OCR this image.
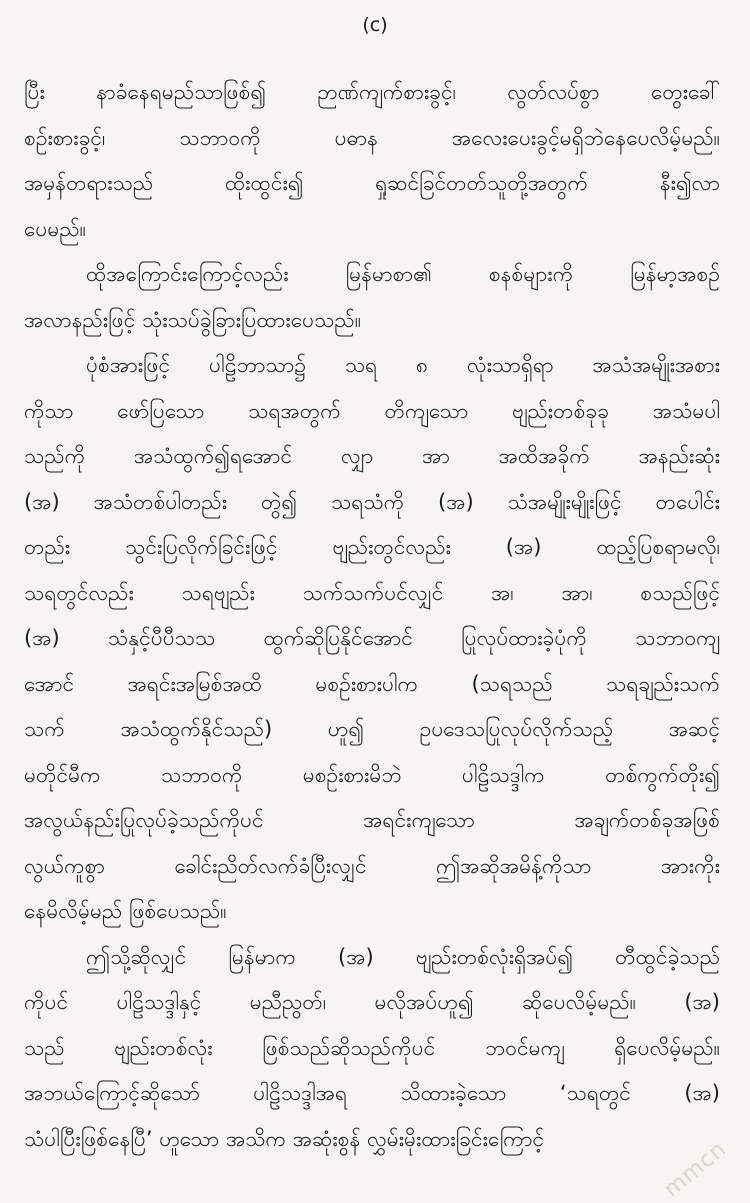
(c)
ပြီး နာခံနေရမည်သာဖြစ်၍ ဉာဏ်ကျက်စားခွင့်၊ လွတ်လပ်စွာ တွေးခေါ်
စဉ်းစားခွင့်၊ သဘာဝကို ပဓာန အလေးပေးခွင့်မရှိဘဲနေပေလိမ့်မည်။
အမှန်တရားသည် ထိုးထွင်း၍ ရှုဆင်ခြင်တတ်သူတို့အတွက် နီး၍လာ
ပေမည်။
ထိုအကြောင်းကြောင့်လည်း မြန်မာစာ၏ စနစ်များကို မြန်မာ့အစဉ်
အလာနည်းဖြင့် သုံးသပ်ခွဲခြားပြထားပေသည်။
ပုံစံအားဖြင့် ပါဠိဘာသာ၌ သရ ၈ လုံးသာရှိရာ အသံအမျိုးအစား
ကိုသာ ဖော်ပြသော သရအတွက် တိကျသော ဗျည်းတစ်ခုခု အသံမပါ
သည်ကို အသံထွက်၍ရအောင် လျှာ အာ အထိအခိုက် အနည်းဆုံး
(အ) အသံတစ်ပါတည်း တွဲ၍ သရသံကို (အ) သံအမျိုးမျိုးဖြင့် တပေါင်း
တည်း သွင်းပြလိုက်ခြင်းဖြင့် ဗျည်းတွင်လည်း (အ) ထည့်ပြစရာမလို၊
သရတွင်လည်း သရဗျည်း သက်သက်ပင်လျှင် အ၊ အာ၊ စသည်ဖြင့်
(အ) သံနှင့်ပီပီသသ ထွက်ဆိုပြနိုင်အောင် ပြုလုပ်ထားခဲ့ပုံကို သဘာဝကျ
အောင် အရင်းအမြစ်အထိ မစဉ်းစားပါက (သရသည် သရချည်းသက်
သက် အသံထွက်နိုင်သည်) ဟူ၍ ဥပဒေသပြုလုပ်လိုက်သည့် အဆင့်
မတိုင်မီက သဘာဝကို မစဉ်းစားမိဘဲ ပါဠိသဒ္ဒါက တစ်ကွက်တိုး၍
အလွယ်နည်းပြုလုပ်ခဲ့သည်ကိုပင် အရင်းကျသော အချက်တစ်ခုအဖြစ်
လွယ်ကူစွာ ခေါင်းညိတ်လက်ခံပြီးလျှင် ဤအဆိုအမိန့်ကိုသာ အားကိုး
နေမိလိမ့်မည် ဖြစ်ပေသည်။
ဤသို့ဆိုလျှင် မြန်မာက (အ) ဗျည်းတစ်လုံးရှိအပ်၍ တီထွင်ခဲ့သည်
ကိုပင် ပါဠိသဒ္ဒါနှင့် မညီညွတ်၊ မလိုအပ်ဟူ၍ ဆိုပေလိမ့်မည်။ (အ)
သည် ဗျည်းတစ်လုံး ဖြစ်သည်ဆိုသည်ကိုပင် ဘဝင်မကျ ရှိပေလိမ့်မည်။
အဘယ်ကြောင့်ဆိုသော် ပါဠိသဒ္ဒါအရ သိထားခဲ့သော ‘သရတွင် (အ)
သံပါပြီးဖြစ်နေပြီ’ ဟူသော အသိက အဆုံးစွန် လွှမ်းမိုးထားခြင်းကြောင့်	mmcn
